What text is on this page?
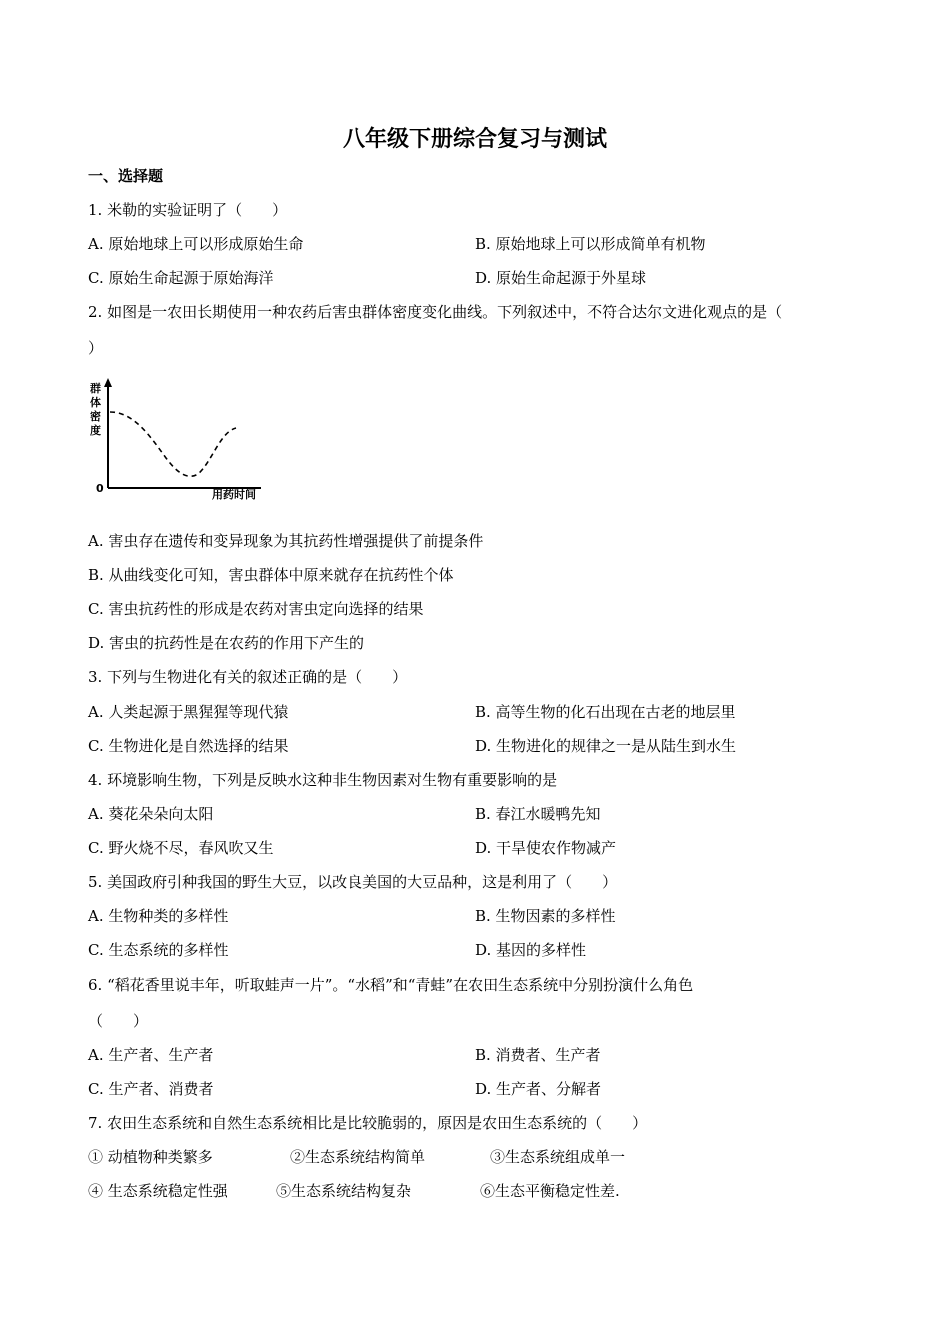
八年级下册综合复习与测试
一、选择题
1. 米勒的实验证明了（　　）
A. 原始地球上可以形成原始生命	B. 原始地球上可以形成简单有机物
C. 原始生命起源于原始海洋	D. 原始生命起源于外星球
2. 如图是一农田长期使用一种农药后害虫群体密度变化曲线。下列叙述中，不符合达尔文进化观点的是（
）
群
体
密
度
0	用药时间
A. 害虫存在遗传和变异现象为其抗药性增强提供了前提条件
B. 从曲线变化可知，害虫群体中原来就存在抗药性个体
C. 害虫抗药性的形成是农药对害虫定向选择的结果
D. 害虫的抗药性是在农药的作用下产生的
3. 下列与生物进化有关的叙述正确的是（　　）
A. 人类起源于黑猩猩等现代猿	B. 高等生物的化石出现在古老的地层里
C. 生物进化是自然选择的结果	D. 生物进化的规律之一是从陆生到水生
4. 环境影响生物，下列是反映水这种非生物因素对生物有重要影响的是
A. 葵花朵朵向太阳	B. 春江水暖鸭先知
C. 野火烧不尽，春风吹又生	D. 干旱使农作物减产
5. 美国政府引种我国的野生大豆，以改良美国的大豆品种，这是利用了（　　）
A. 生物种类的多样性	B. 生物因素的多样性
C. 生态系统的多样性	D. 基因的多样性
6. “稻花香里说丰年，听取蛙声一片”。“水稻”和“青蛙”在农田生态系统中分别扮演什么角色
（　　）
A. 生产者、生产者	B. 消费者、生产者
C. 生产者、消费者	D. 生产者、分解者
7. 农田生态系统和自然生态系统相比是比较脆弱的，原因是农田生态系统的（　　）
① 动植物种类繁多	②生态系统结构简单	③生态系统组成单一
④ 生态系统稳定性强	⑤生态系统结构复杂	⑥生态平衡稳定性差.
